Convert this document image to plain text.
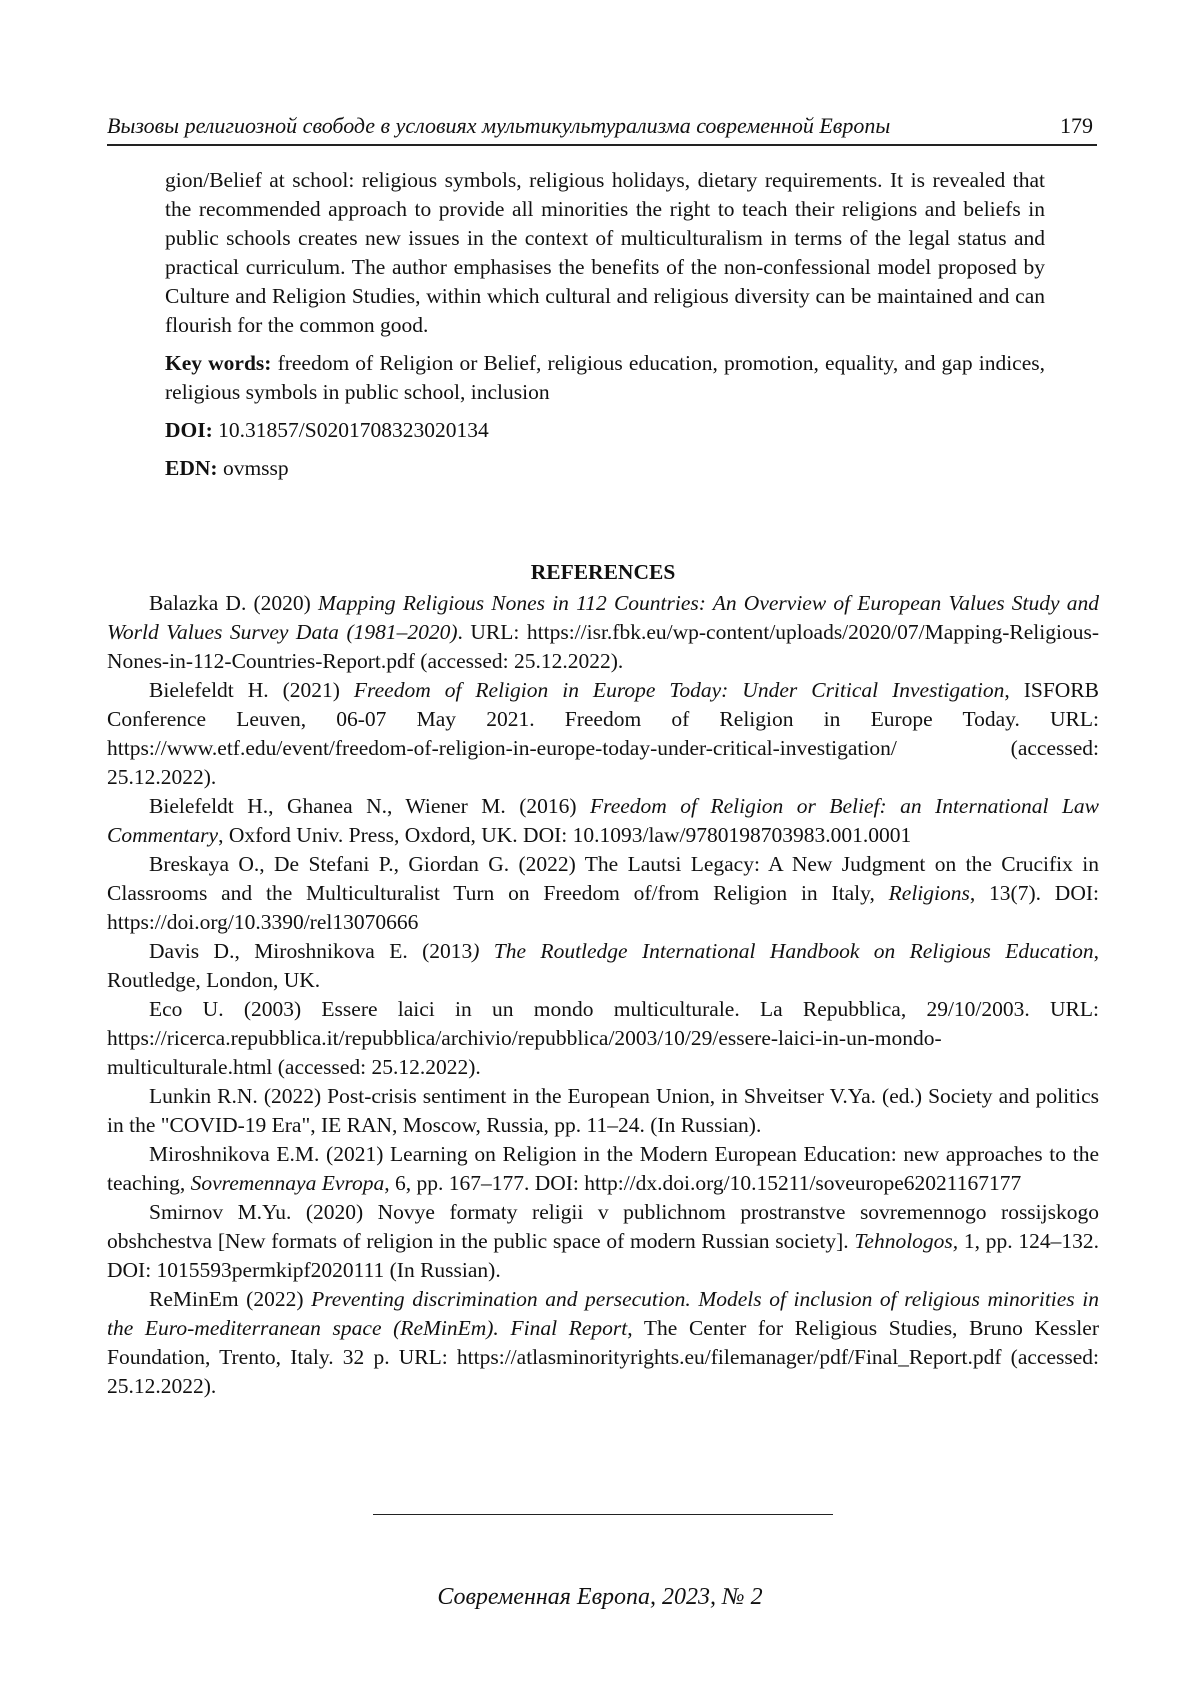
Вызовы религиозной свободе в условиях мультикультурализма современной Европы	179

gion/Belief at school: religious symbols, religious holidays, dietary requirements. It is revealed that the recommended approach to provide all minorities the right to teach their religions and beliefs in public schools creates new issues in the context of multiculturalism in terms of the legal status and practical curriculum. The author emphasises the benefits of the non-confessional model proposed by Culture and Religion Studies, within which cultural and religious diversity can be maintained and can flourish for the common good.

Key words: freedom of Religion or Belief, religious education, promotion, equality, and gap indices, religious symbols in public school, inclusion

DOI: 10.31857/S0201708323020134

EDN: ovmssp

REFERENCES

Balazka D. (2020) Mapping Religious Nones in 112 Countries: An Overview of European Values Study and World Values Survey Data (1981–2020). URL: https://isr.fbk.eu/wp-content/uploads/2020/07/Mapping-Religious-Nones-in-112-Countries-Report.pdf (accessed: 25.12.2022).

Bielefeldt H. (2021) Freedom of Religion in Europe Today: Under Critical Investigation, ISFORB Conference Leuven, 06-07 May 2021. Freedom of Religion in Europe Today. URL: https://www.etf.edu/event/freedom-of-religion-in-europe-today-under-critical-investigation/ (accessed: 25.12.2022).

Bielefeldt H., Ghanea N., Wiener M. (2016) Freedom of Religion or Belief: an International Law Commentary, Oxford Univ. Press, Oxdord, UK. DOI: 10.1093/law/9780198703983.001.0001

Breskaya O., De Stefani P., Giordan G. (2022) The Lautsi Legacy: A New Judgment on the Crucifix in Classrooms and the Multiculturalist Turn on Freedom of/from Religion in Italy, Religions, 13(7). DOI: https://doi.org/10.3390/rel13070666

Davis D., Miroshnikova E. (2013) The Routledge International Handbook on Religious Education, Routledge, London, UK.

Eco U. (2003) Essere laici in un mondo multiculturale. La Repubblica, 29/10/2003. URL: https://ricerca.repubblica.it/repubblica/archivio/repubblica/2003/10/29/essere-laici-in-un-mondo-multiculturale.html (accessed: 25.12.2022).

Lunkin R.N. (2022) Post-crisis sentiment in the European Union, in Shveitser V.Ya. (ed.) Society and politics in the "COVID-19 Era", IE RAN, Moscow, Russia, pp. 11–24. (In Russian).

Miroshnikova E.M. (2021) Learning on Religion in the Modern European Education: new approaches to the teaching, Sovremennaya Evropa, 6, pp. 167–177. DOI: http://dx.doi.org/10.15211/soveurope62021167177

Smirnov M.Yu. (2020) Novye formaty religii v publichnom prostranstve sovremennogo rossijskogo obshchestva [New formats of religion in the public space of modern Russian society]. Tehnologos, 1, pp. 124–132. DOI: 1015593permkipf2020111 (In Russian).

ReMinEm (2022) Preventing discrimination and persecution. Models of inclusion of religious minorities in the Euro-mediterranean space (ReMinEm). Final Report, The Center for Religious Studies, Bruno Kessler Foundation, Trento, Italy. 32 p. URL: https://atlasminorityrights.eu/filemanager/pdf/Final_Report.pdf (accessed: 25.12.2022).

Современная Европа, 2023, № 2
